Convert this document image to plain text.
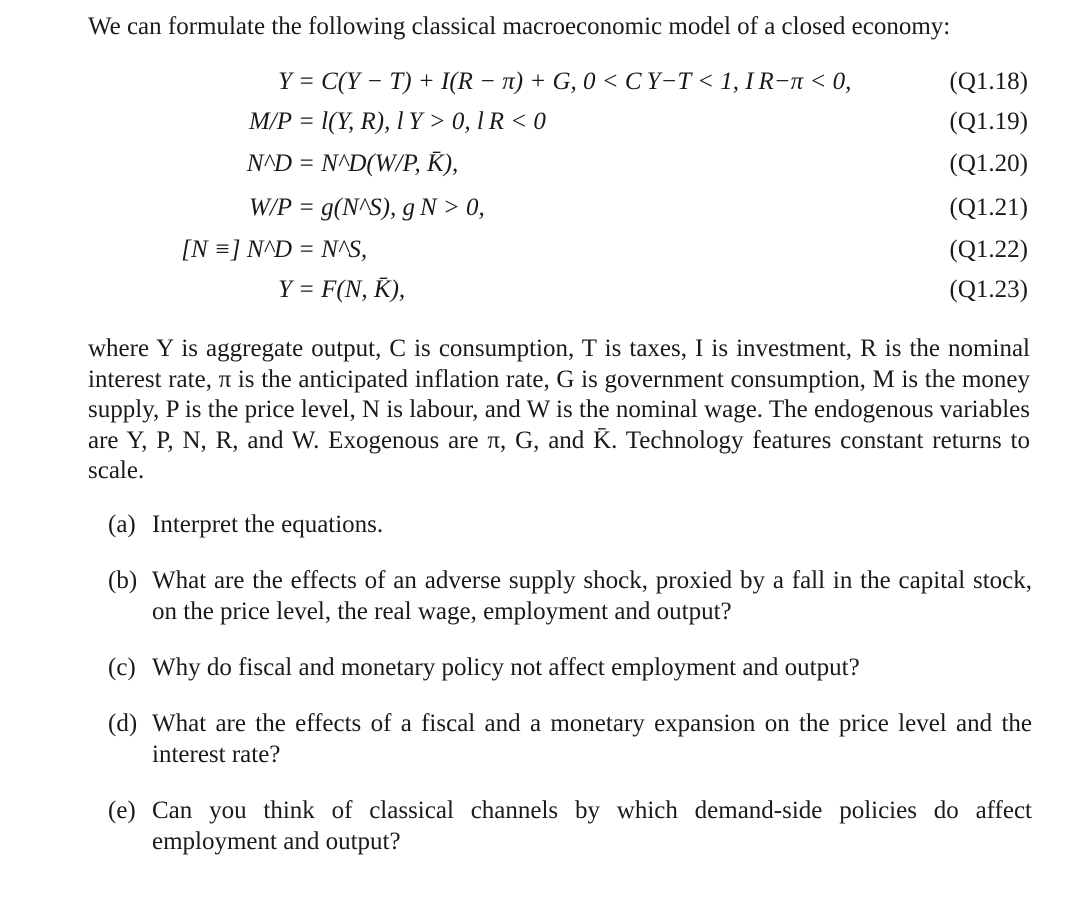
We can formulate the following classical macroeconomic model of a closed economy:
Y = C(Y − T) + I(R − π) + G, 0 < C Y−T < 1, I R−π < 0,	(Q1.18)
M/P = l(Y, R), l Y > 0, l R < 0	(Q1.19)
N^D = N^D(W/P, K̄),	(Q1.20)
W/P = g(N^S), g N > 0,	(Q1.21)
[N ≡] N^D = N^S,	(Q1.22)
Y = F(N, K̄),	(Q1.23)
where Y is aggregate output, C is consumption, T is taxes, I is investment, R is the nominal interest rate, π is the anticipated inflation rate, G is government consumption, M is the money supply, P is the price level, N is labour, and W is the nominal wage. The endogenous variables are Y, P, N, R, and W. Exogenous are π, G, and K̄. Technology features constant returns to scale.
(a) Interpret the equations.
(b) What are the effects of an adverse supply shock, proxied by a fall in the capital stock, on the price level, the real wage, employment and output?
(c) Why do fiscal and monetary policy not affect employment and output?
(d) What are the effects of a fiscal and a monetary expansion on the price level and the interest rate?
(e) Can you think of classical channels by which demand-side policies do affect employment and output?
